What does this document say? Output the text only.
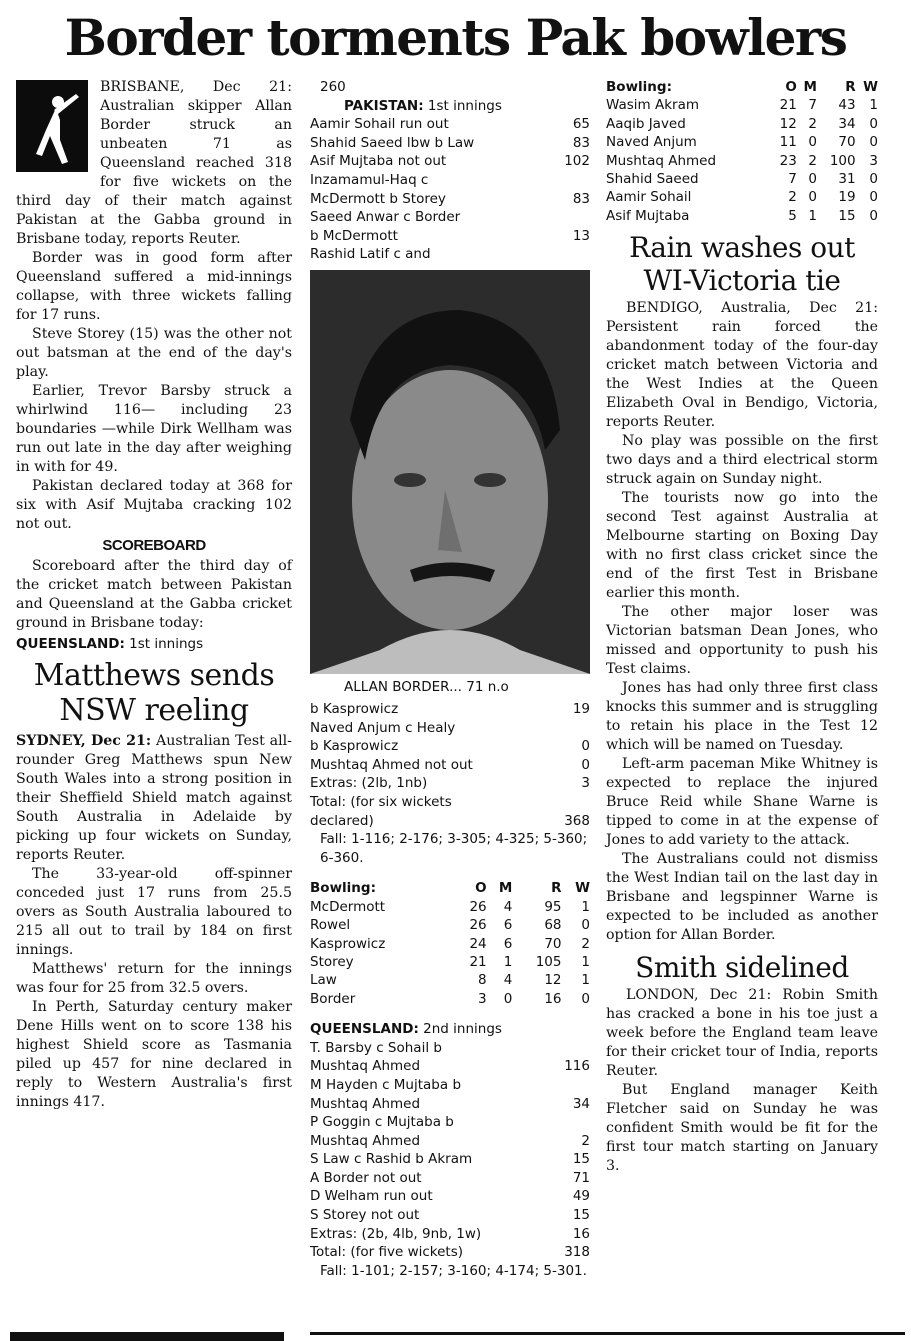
Border torments Pak bowlers

BRISBANE, Dec 21: Australian skipper Allan Border struck an unbeaten 71 as Queensland reached 318 for five wickets on the third day of their match against Pakistan at the Gabba ground in Brisbane today, reports Reuter.

Border was in good form after Queensland suffered a mid-innings collapse, with three wickets falling for 17 runs.

Steve Storey (15) was the other not out batsman at the end of the day's play.

Earlier, Trevor Barsby struck a whirlwind 116— including 23 boundaries —while Dirk Wellham was run out late in the day after weighing in with for 49.

Pakistan declared today at 368 for six with Asif Mujtaba cracking 102 not out.

SCOREBOARD

Scoreboard after the third day of the cricket match between Pakistan and Queensland at the Gabba cricket ground in Brisbane today:

QUEENSLAND: 1st innings
Matthews sends NSW reeling

SYDNEY, Dec 21: Australian Test all-rounder Greg Matthews spun New South Wales into a strong position in their Sheffield Shield match against South Australia in Adelaide by picking up four wickets on Sunday, reports Reuter.

The 33-year-old off-spinner conceded just 17 runs from 25.5 overs as South Australia laboured to 215 all out to trail by 184 on first innings.

Matthews' return for the innings was four for 25 from 32.5 overs.

In Perth, Saturday century maker Dene Hills went on to score 138 his highest Shield score as Tasmania piled up 457 for nine declared in reply to Western Australia's first innings 417.

260
PAKISTAN: 1st innings
Aamir Sohail run out	65
Shahid Saeed lbw b Law	83
Asif Mujtaba not out	102
Inzamamul-Haq c
McDermott b Storey	83
Saeed Anwar c Border
b McDermott	13
Rashid Latif c and
ALLAN BORDER... 71 n.o
b Kasprowicz	19
Naved Anjum c Healy
b Kasprowicz	0
Mushtaq Ahmed not out	0
Extras: (2lb, 1nb)	3
Total: (for six wickets
declared)	368
Fall: 1-116; 2-176; 3-305; 4-325; 5-360; 6-360.
Bowling:	O	M	R	W
McDermott	26	4	95	1
Rowel	26	6	68	0
Kasprowicz	24	6	70	2
Storey	21	1	105	1
Law	8	4	12	1
Border	3	0	16	0
QUEENSLAND: 2nd innings
T. Barsby c Sohail b
Mushtaq Ahmed	116
M Hayden c Mujtaba b
Mushtaq Ahmed	34
P Goggin c Mujtaba b
Mushtaq Ahmed	2
S Law c Rashid b Akram	15
A Border not out	71
D Welham run out	49
S Storey not out	15
Extras: (2b, 4lb, 9nb, 1w)	16
Total: (for five wickets)	318
Fall: 1-101; 2-157; 3-160; 4-174; 5-301.
Bowling:	O	M	R	W
Wasim Akram	21	7	43	1
Aaqib Javed	12	2	34	0
Naved Anjum	11	0	70	0
Mushtaq Ahmed	23	2	100	3
Shahid Saeed	7	0	31	0
Aamir Sohail	2	0	19	0
Asif Mujtaba	5	1	15	0
Rain washes out WI-Victoria tie

BENDIGO, Australia, Dec 21: Persistent rain forced the abandonment today of the four-day cricket match between Victoria and the West Indies at the Queen Elizabeth Oval in Bendigo, Victoria, reports Reuter.

No play was possible on the first two days and a third electrical storm struck again on Sunday night.

The tourists now go into the second Test against Australia at Melbourne starting on Boxing Day with no first class cricket since the end of the first Test in Brisbane earlier this month.

The other major loser was Victorian batsman Dean Jones, who missed and opportunity to push his Test claims.

Jones has had only three first class knocks this summer and is struggling to retain his place in the Test 12 which will be named on Tuesday.

Left-arm paceman Mike Whitney is expected to replace the injured Bruce Reid while Shane Warne is tipped to come in at the expense of Jones to add variety to the attack.

The Australians could not dismiss the West Indian tail on the last day in Brisbane and legspinner Warne is expected to be included as another option for Allan Border.

Smith sidelined

LONDON, Dec 21: Robin Smith has cracked a bone in his toe just a week before the England team leave for their cricket tour of India, reports Reuter.

But England manager Keith Fletcher said on Sunday he was confident Smith would be fit for the first tour match starting on January 3.
